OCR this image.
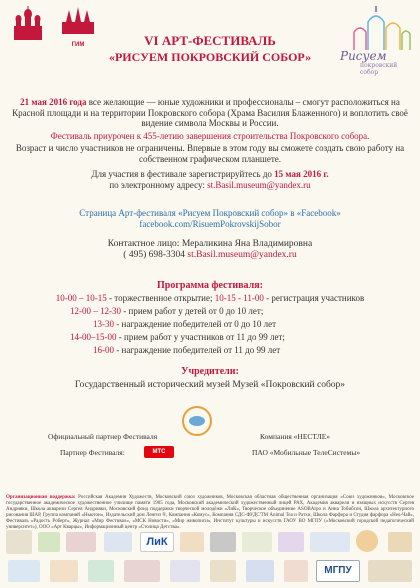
ГИМ	VI АРТ-ФЕСТИВАЛЬ
«РИСУЕМ ПОКРОВСКИЙ СОБОР»	Рисуем
покровский
собор
21 мая 2016 года все желающие — юные художники и профессионалы – смогут расположиться на Красной площади и на территории Покровского собора (Храма Василия Блаженного) и воплотить своё видение символа Москвы и России.
Фестиваль приурочен к 455-летию завершения строительства Покровского собора.
Возраст и число участников не ограничены. Впервые в этом году вы сможете создать свою работу на собственном графическом планшете.
Для участия в фестивале зарегистрируйтесь до 15 мая 2016 г.
по электронному адресу: st.Basil.museum@yandex.ru
Страница Арт-фестиваля «Рисуем Покровский собор» в «Facebook»
facebook.com/RisuemPokrovskijSobor
Контактное лицо: Мераликина Яна Владимировна
( 495) 698-3304 st.Basil.museum@yandex.ru
Программа фестиваля:
10-00 – 10-15 - торжественное открытие; 10-15 - 11-00 - регистрация участников
12-00 – 12-30 - прием работ у детей от 0 до 10 лет;
13-30 - награждение победителей от 0 до 10 лет
14-00–15-00 - прием работ у участников от 11 до 99 лет;
16-00 - награждение победителей от 11 до 99 лет
Учредители:
Государственный исторический музей Музей «Покровский собор»
Официальный партнер Фестиваля	Компания «НЕСТЛЕ»
Партнер Фестиваля:	МТС	ПАО «Мобильные ТелеСистемы»
Организационная поддержка: Российская Академия Художеств, Московский союз художников, Московская областная общественная организация «Союз художников», Московское государственное академическое художественное училище памяти 1905 года, Московский академический художественный лицей РАХ, Академия акварели и изящных искусств Сергея Андрияки, Школа акварели Сергея Андрияки, Московский фонд поддержки творческой молодёжи «ЛиК», Творческое объединение ASOBArpo и Анна Тобибсон, Школа архитектурного рисования ШАР, Группа компаний «Ньютон», Издательский дом Ленгиз ®, Компания «Комус», Компания СДС-ФУДС'ТМ Animal Tea и Ратхи, Школа Фарфора и Студия фарфора «Нео-Чай», Фестиваль «Радость Роберт», Журнал «Мир Фестивал», «МСК Новости», «Мир живописи», Институт культуры и искусств ГАОУ ВО МГПУ (»Московский городской педагогический университет»), ООО «Арт Кварцы», Информационный центр «Столица Детства».
ЛиК
МГПУ
